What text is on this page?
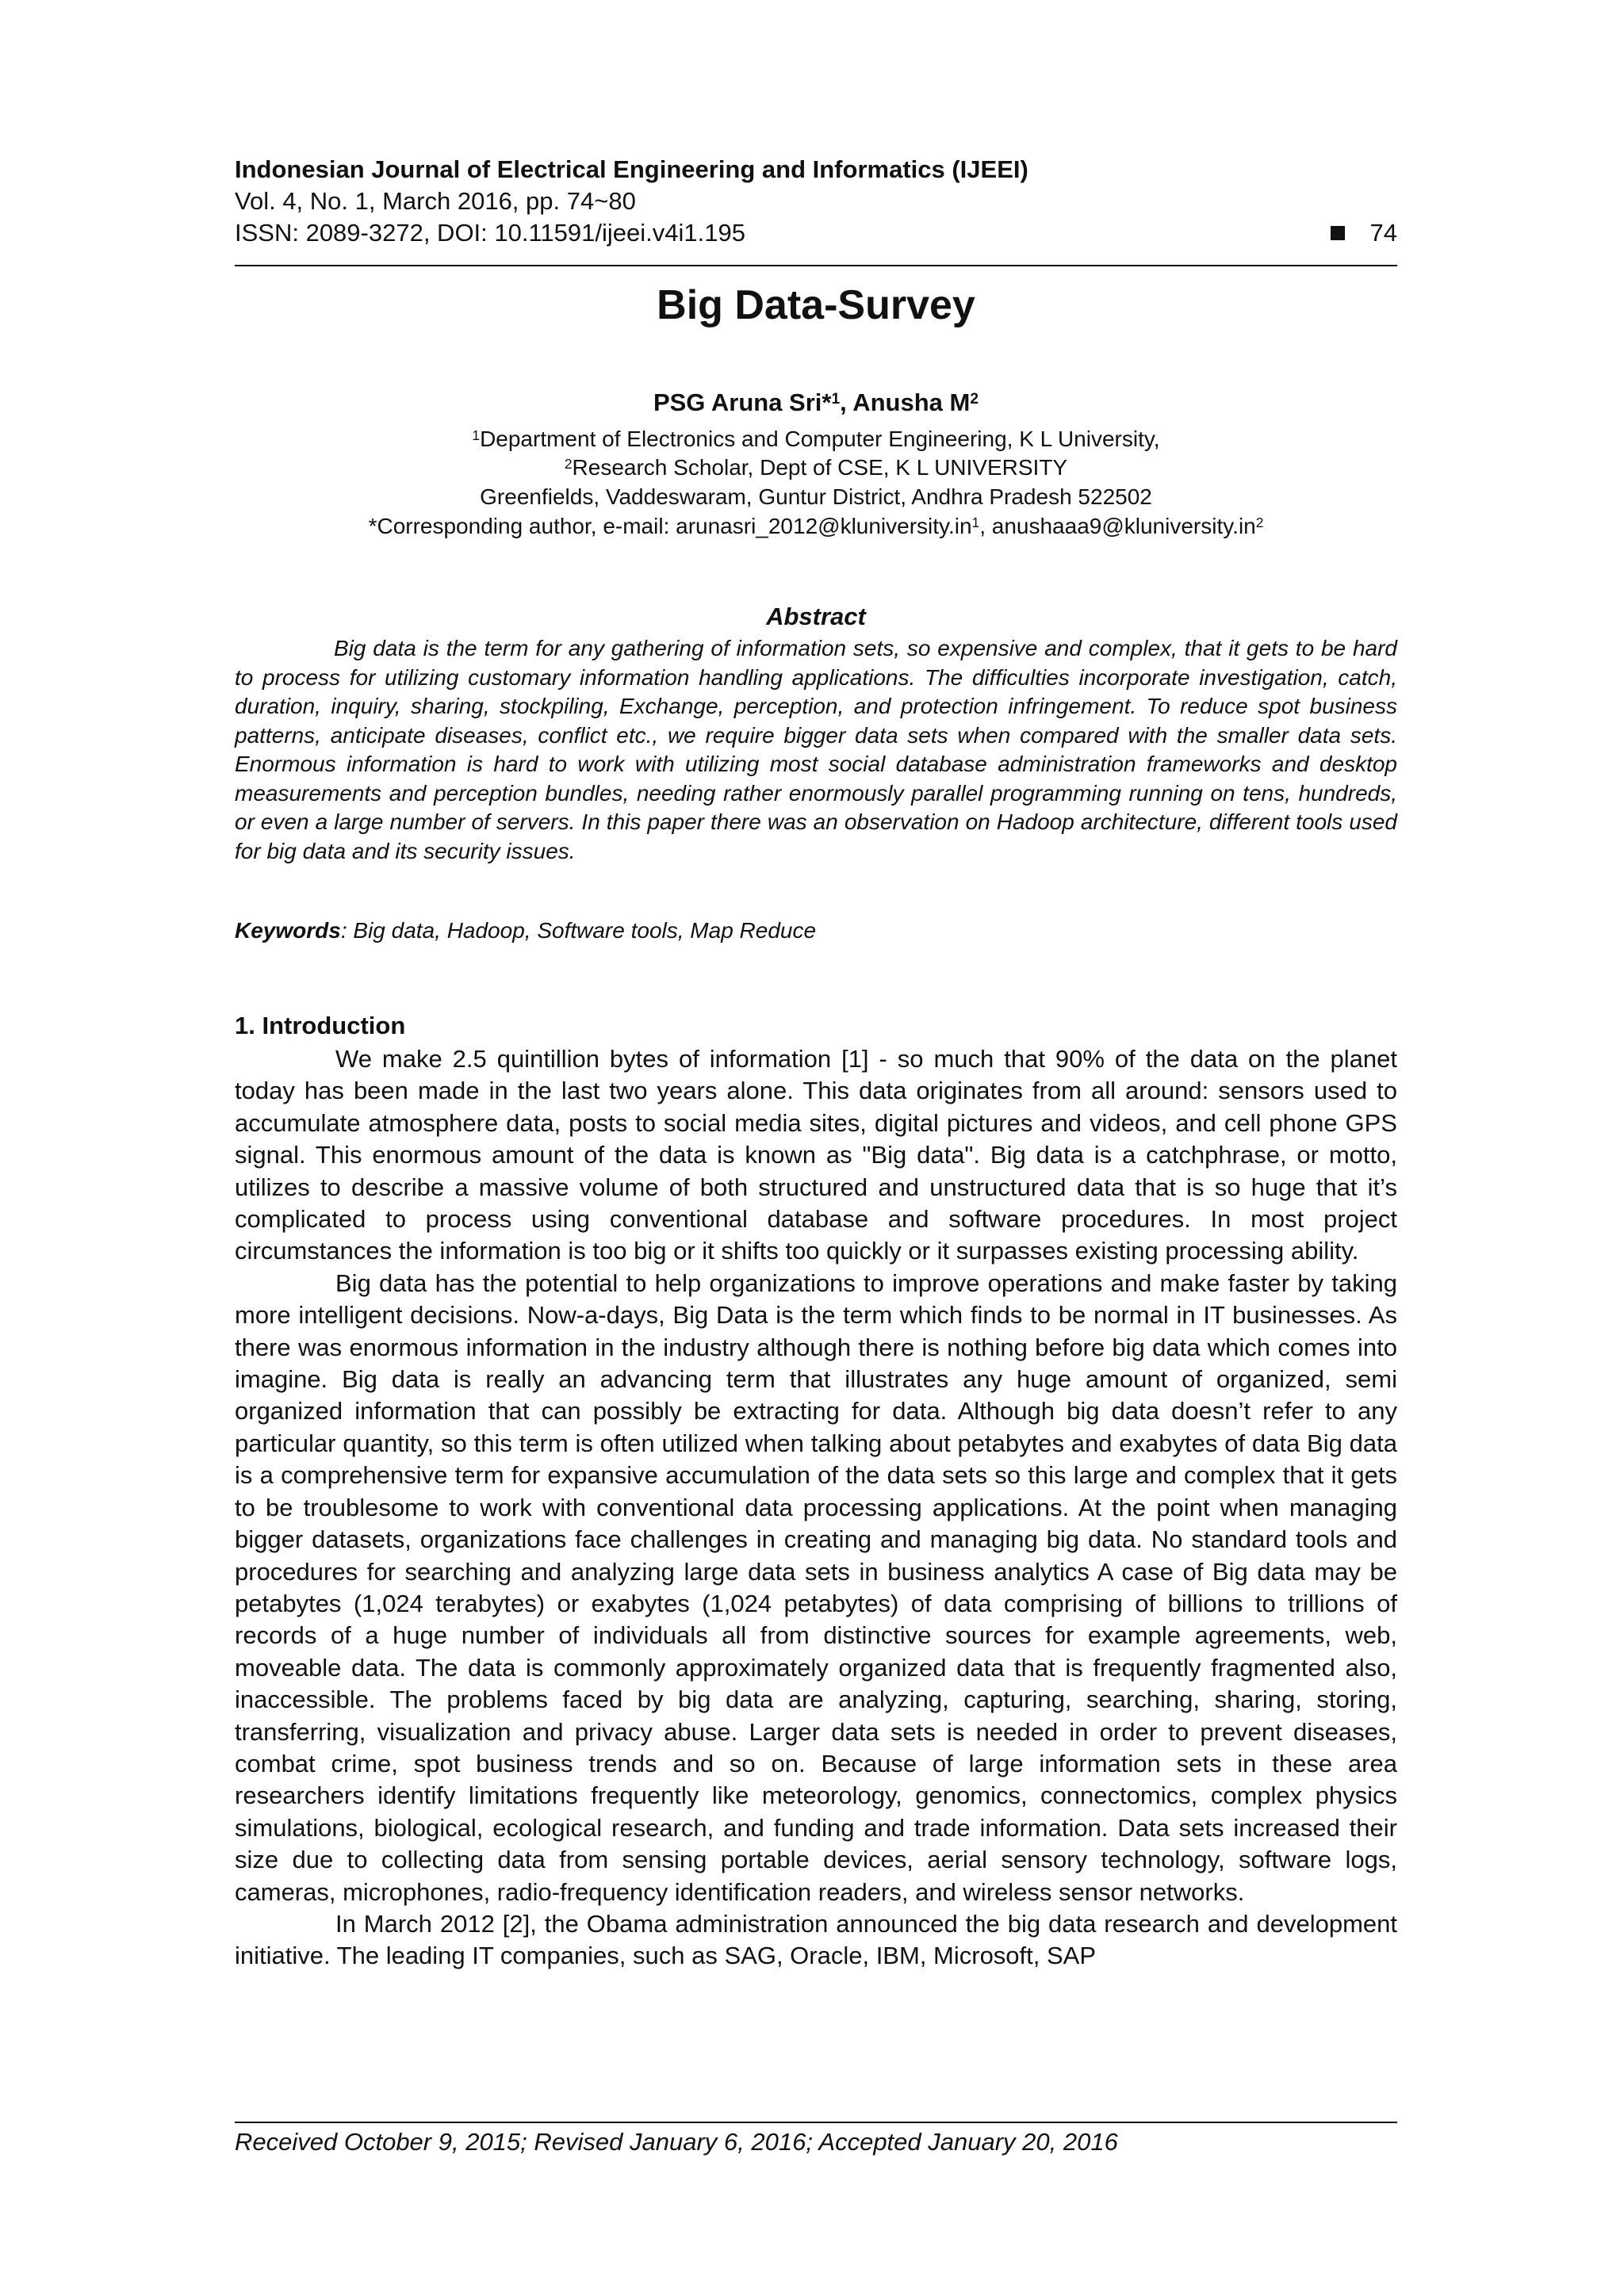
Indonesian Journal of Electrical Engineering and Informatics (IJEEI)
Vol. 4, No. 1, March 2016, pp. 74~80
ISSN: 2089-3272, DOI: 10.11591/ijeei.v4i1.195	74
Big Data-Survey
PSG Aruna Sri*$^1$, Anusha $M^2$
$^1$Department of Electronics and Computer Engineering, K L University,
$^2$Research Scholar, Dept of CSE, K L UNIVERSITY
Greenfields, Vaddeswaram, Guntur District, Andhra Pradesh 522502
*Corresponding author, e-mail: $arunasri\_2012@kluniversity.in^1$, $anushaaa9@kluniversity.in^2$
Abstract

Big data is the term for any gathering of information sets, so expensive and complex, that it gets to be hard to process for utilizing customary information handling applications. The difficulties incorporate investigation, catch, duration, inquiry, sharing, stockpiling, Exchange, perception, and protection infringement. To reduce spot business patterns, anticipate diseases, conflict etc., we require bigger data sets when compared with the smaller data sets. Enormous information is hard to work with utilizing most social database administration frameworks and desktop measurements and perception bundles, needing rather enormously parallel programming running on tens, hundreds, or even a large number of servers. In this paper there was an observation on Hadoop architecture, different tools used for big data and its security issues.

Keywords: Big data, Hadoop, Software tools, Map Reduce
1. Introduction

We make 2.5 quintillion bytes of information [1] - so much that 90% of the data on the planet today has been made in the last two years alone. This data originates from all around: sensors used to accumulate atmosphere data, posts to social media sites, digital pictures and videos, and cell phone GPS signal. This enormous amount of the data is known as "Big data". Big data is a catchphrase, or motto, utilizes to describe a massive volume of both structured and unstructured data that is so huge that it’s complicated to process using conventional database and software procedures. In most project circumstances the information is too big or it shifts too quickly or it surpasses existing processing ability.

Big data has the potential to help organizations to improve operations and make faster by taking more intelligent decisions. Now-a-days, Big Data is the term which finds to be normal in IT businesses. As there was enormous information in the industry although there is nothing before big data which comes into imagine. Big data is really an advancing term that illustrates any huge amount of organized, semi organized information that can possibly be extracting for data. Although big data doesn’t refer to any particular quantity, so this term is often utilized when talking about petabytes and exabytes of data Big data is a comprehensive term for expansive accumulation of the data sets so this large and complex that it gets to be troublesome to work with conventional data processing applications. At the point when managing bigger datasets, organizations face challenges in creating and managing big data. No standard tools and procedures for searching and analyzing large data sets in business analytics A case of Big data may be petabytes (1,024 terabytes) or exabytes (1,024 petabytes) of data comprising of billions to trillions of records of a huge number of individuals all from distinctive sources for example agreements, web, moveable data. The data is commonly approximately organized data that is frequently fragmented also, inaccessible. The problems faced by big data are analyzing, capturing, searching, sharing, storing, transferring, visualization and privacy abuse. Larger data sets is needed in order to prevent diseases, combat crime, spot business trends and so on. Because of large information sets in these area researchers identify limitations frequently like meteorology, genomics, connectomics, complex physics simulations, biological, ecological research, and funding and trade information. Data sets increased their size due to collecting data from sensing portable devices, aerial sensory technology, software logs, cameras, microphones, radio-frequency identification readers, and wireless sensor networks.

In March 2012 [2], the Obama administration announced the big data research and development initiative. The leading IT companies, such as SAG, Oracle, IBM, Microsoft, SAP

Received October 9, 2015; Revised January 6, 2016; Accepted January 20, 2016
